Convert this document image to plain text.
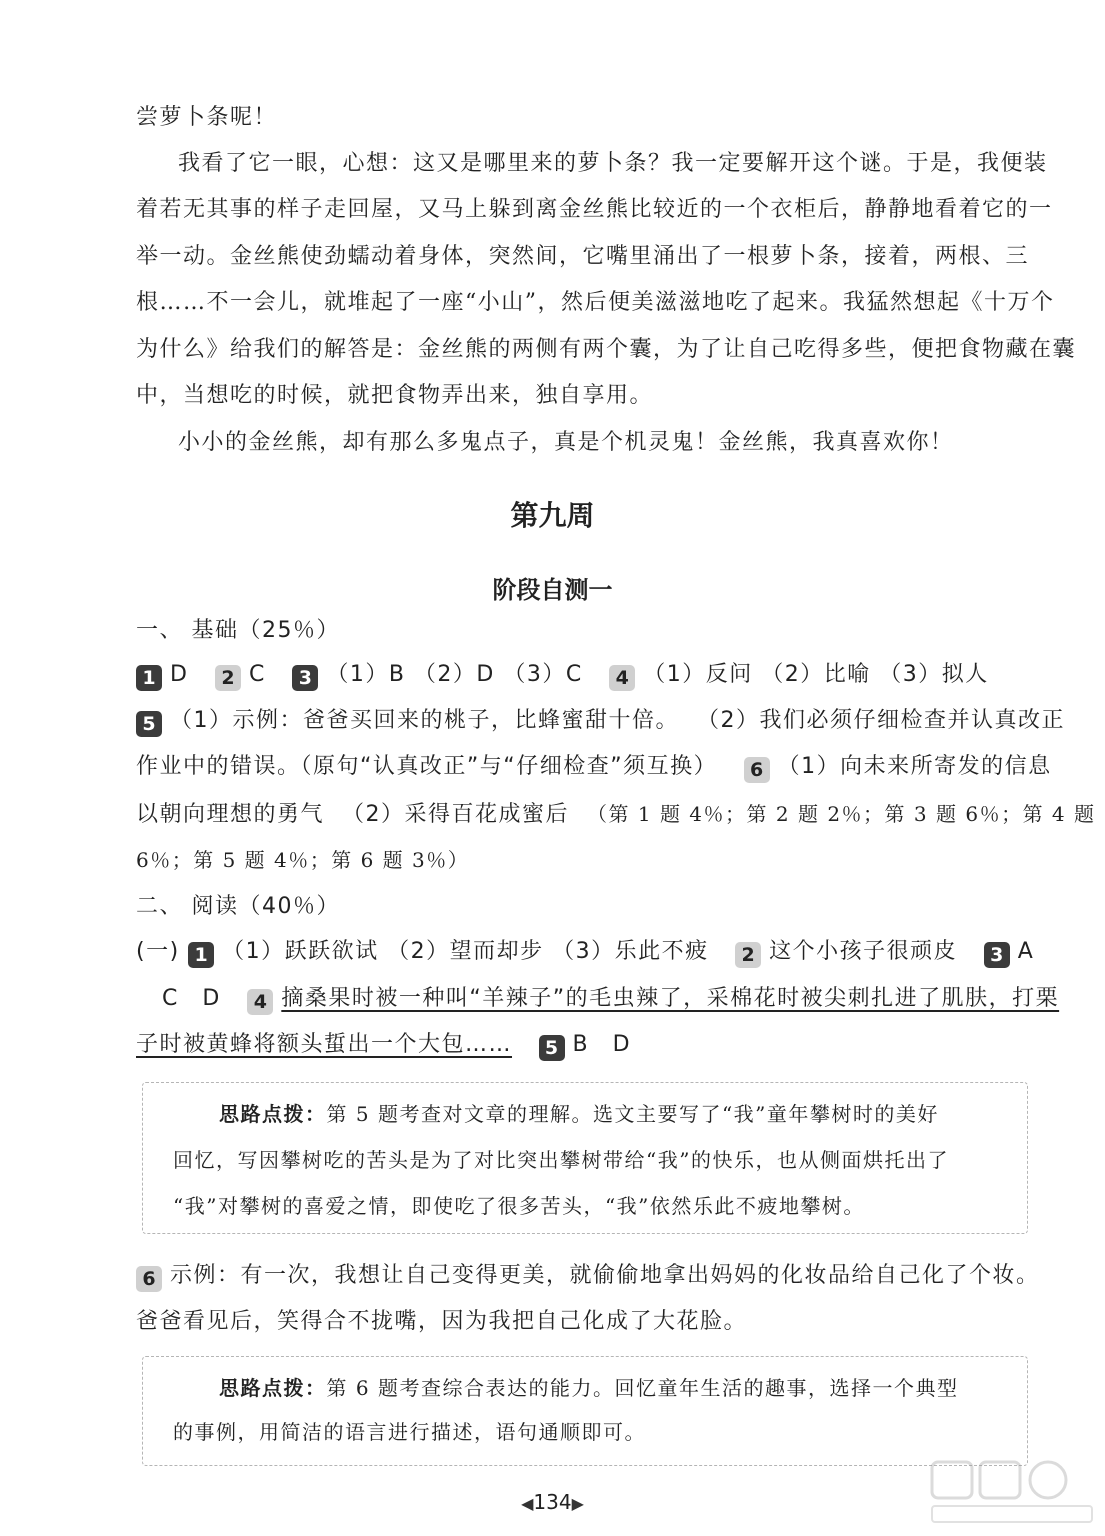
尝萝卜条呢！
我看了它一眼，心想：这又是哪里来的萝卜条？我一定要解开这个谜。于是，我便装
着若无其事的样子走回屋，又马上躲到离金丝熊比较近的一个衣柜后，静静地看着它的一
举一动。金丝熊使劲蠕动着身体，突然间，它嘴里涌出了一根萝卜条，接着，两根、三
根……不一会儿，就堆起了一座“小山”，然后便美滋滋地吃了起来。我猛然想起《十万个
为什么》给我们的解答是：金丝熊的两侧有两个囊，为了让自己吃得多些，便把食物藏在囊
中，当想吃的时候，就把食物弄出来，独自享用。
小小的金丝熊，却有那么多鬼点子，真是个机灵鬼！金丝熊，我真喜欢你！
第九周
阶段自测一
一、 基础（25％）
1 D 2 C 3 （1）B （2）D （3）C 4 （1）反问 （2）比喻 （3）拟人
5 （1）示例：爸爸买回来的桃子，比蜂蜜甜十倍。 （2）我们必须仔细检查并认真改正
作业中的错误。（原句“认真改正”与“仔细检查”须互换） 6 （1）向未来所寄发的信息
以朝向理想的勇气 （2）采得百花成蜜后 （第 1 题 4％；第 2 题 2％；第 3 题 6％；第 4 题
6％；第 5 题 4％；第 6 题 3％）
二、 阅读（40％）
(一) 1 （1）跃跃欲试 （2）望而却步 （3）乐此不疲 2 这个小孩子很顽皮 3 A
C　D 4 摘桑果时被一种叫“羊辣子”的毛虫辣了，采棉花时被尖刺扎进了肌肤，打栗
子时被黄蜂将额头蜇出一个大包…… 5 B　D
思路点拨：第 5 题考查对文章的理解。选文主要写了“我”童年攀树时的美好
回忆，写因攀树吃的苦头是为了对比突出攀树带给“我”的快乐，也从侧面烘托出了
“我”对攀树的喜爱之情，即使吃了很多苦头，“我”依然乐此不疲地攀树。
6 示例：有一次，我想让自己变得更美，就偷偷地拿出妈妈的化妆品给自己化了个妆。
爸爸看见后，笑得合不拢嘴，因为我把自己化成了大花脸。
思路点拨：第 6 题考查综合表达的能力。回忆童年生活的趣事，选择一个典型
的事例，用简洁的语言进行描述，语句通顺即可。
◀134▶
